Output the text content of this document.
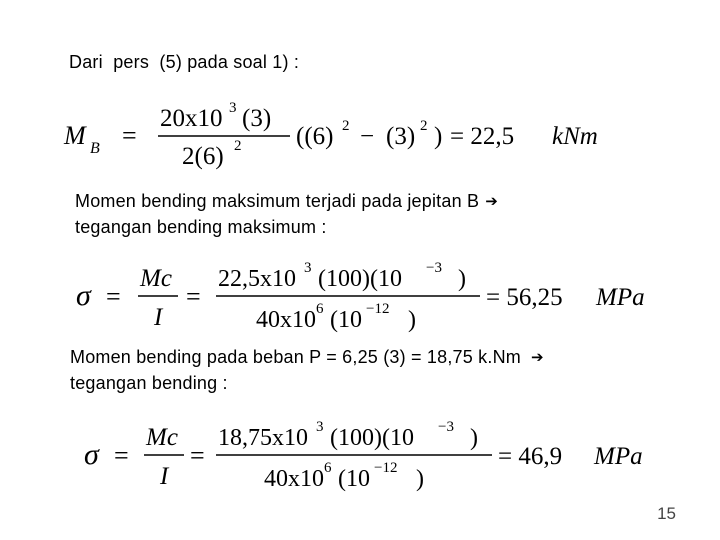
Dari  pers  (5) pada soal 1) :
M B =
20x10 3 (3)
2(6) 2 ((6) 2 − (3) 2 ) = 22,5 kNm
Momen bending maksimum terjadi pada jepitan B ➔
tegangan bending maksimum :
σ =
Mc
I
=
22,5x10 3 (100)(10 −3 )
40x10 6 (10 −12 )
= 56,25 MPa
Momen bending pada beban P = 6,25 (3) = 18,75 k.Nm ➔
tegangan bending :
σ =
Mc
I
=
18,75x10 3 (100)(10 −3 )
40x10 6 (10 −12 )
= 46,9 MPa
15
